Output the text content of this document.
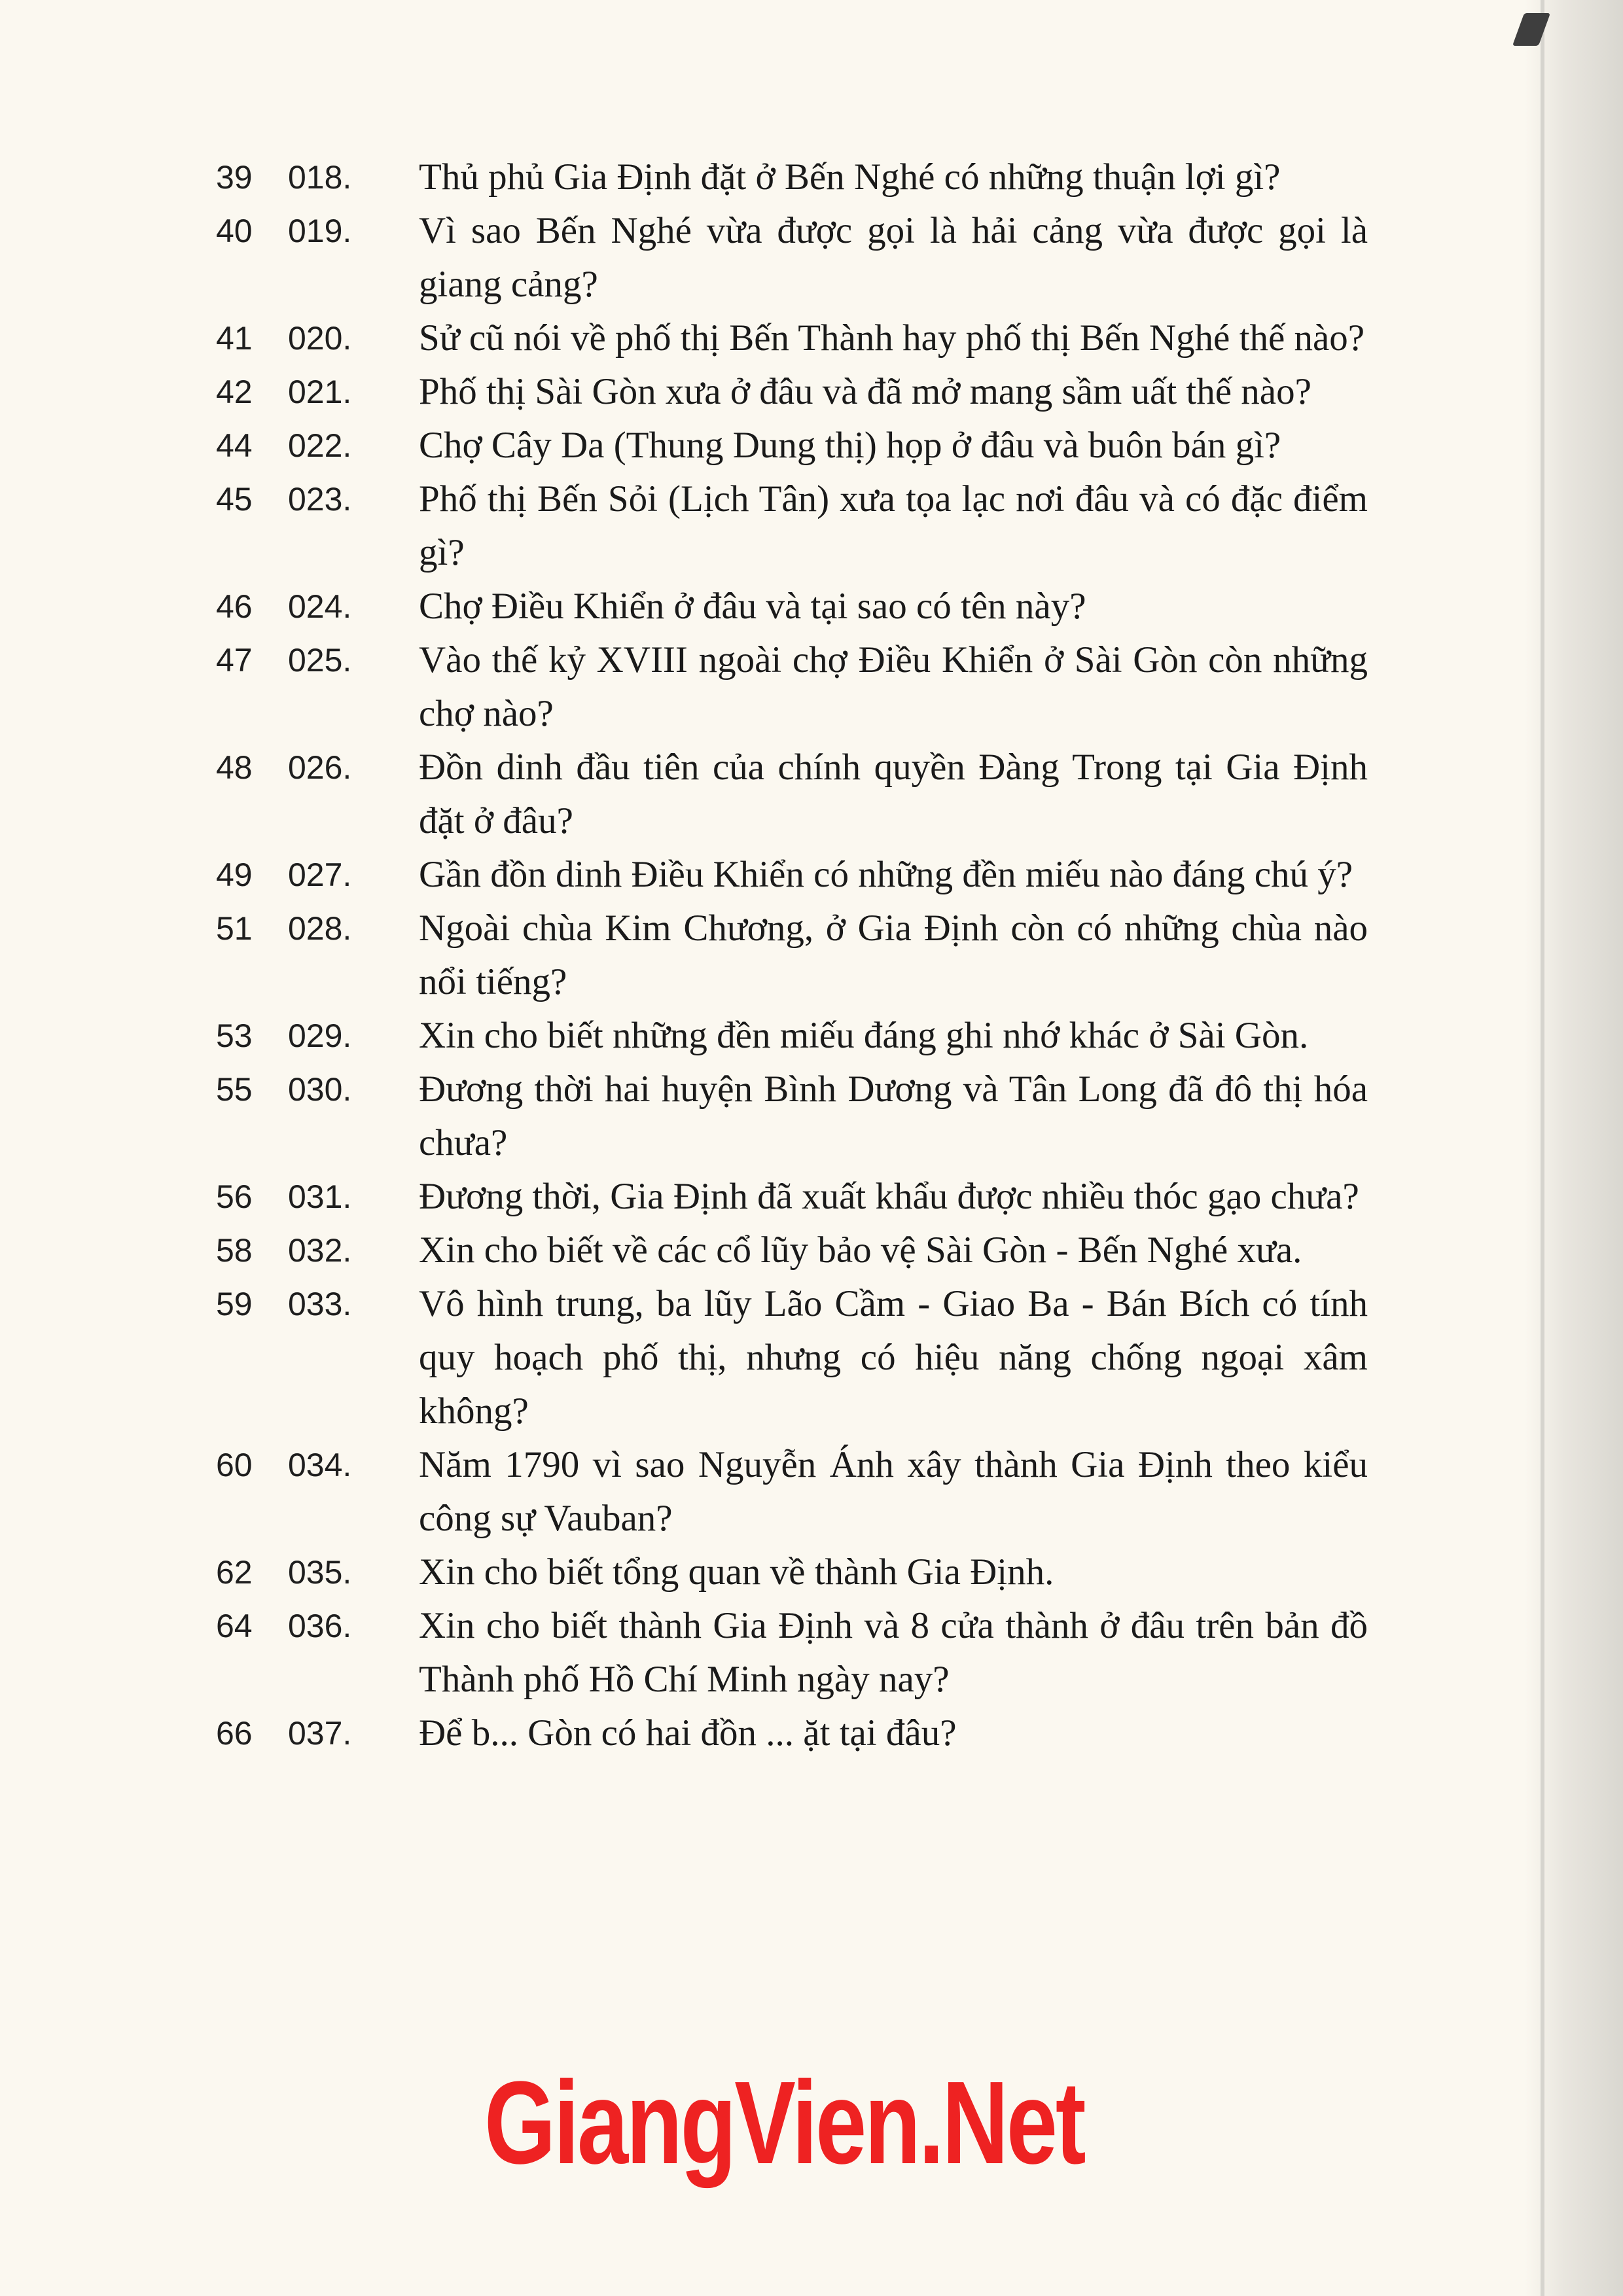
39	018.	Thủ phủ Gia Định đặt ở Bến Nghé có những thuận lợi gì?
40	019.	Vì sao Bến Nghé vừa được gọi là hải cảng vừa được gọi là giang cảng?
41	020.	Sử cũ nói về phố thị Bến Thành hay phố thị Bến Nghé thế nào?
42	021.	Phố thị Sài Gòn xưa ở đâu và đã mở mang sầm uất thế nào?
44	022.	Chợ Cây Da (Thung Dung thị) họp ở đâu và buôn bán gì?
45	023.	Phố thị Bến Sỏi (Lịch Tân) xưa tọa lạc nơi đâu và có đặc điểm gì?
46	024.	Chợ Điều Khiển ở đâu và tại sao có tên này?
47	025.	Vào thế kỷ XVIII ngoài chợ Điều Khiển ở Sài Gòn còn những chợ nào?
48	026.	Đồn dinh đầu tiên của chính quyền Đàng Trong tại Gia Định đặt ở đâu?
49	027.	Gần đồn dinh Điều Khiển có những đền miếu nào đáng chú ý?
51	028.	Ngoài chùa Kim Chương, ở Gia Định còn có những chùa nào nổi tiếng?
53	029.	Xin cho biết những đền miếu đáng ghi nhớ khác ở Sài Gòn.
55	030.	Đương thời hai huyện Bình Dương và Tân Long đã đô thị hóa chưa?
56	031.	Đương thời, Gia Định đã xuất khẩu được nhiều thóc gạo chưa?
58	032.	Xin cho biết về các cổ lũy bảo vệ Sài Gòn - Bến Nghé xưa.
59	033.	Vô hình trung, ba lũy Lão Cầm - Giao Ba - Bán Bích có tính quy hoạch phố thị, nhưng có hiệu năng chống ngoại xâm không?
60	034.	Năm 1790 vì sao Nguyễn Ánh xây thành Gia Định theo kiểu công sự Vauban?
62	035.	Xin cho biết tổng quan về thành Gia Định.
64	036.	Xin cho biết thành Gia Định và 8 cửa thành ở đâu trên bản đồ Thành phố Hồ Chí Minh ngày nay?
66	037.	Để b... Gòn có hai đồn ... ặt tại đâu?
GiangVien.Net
